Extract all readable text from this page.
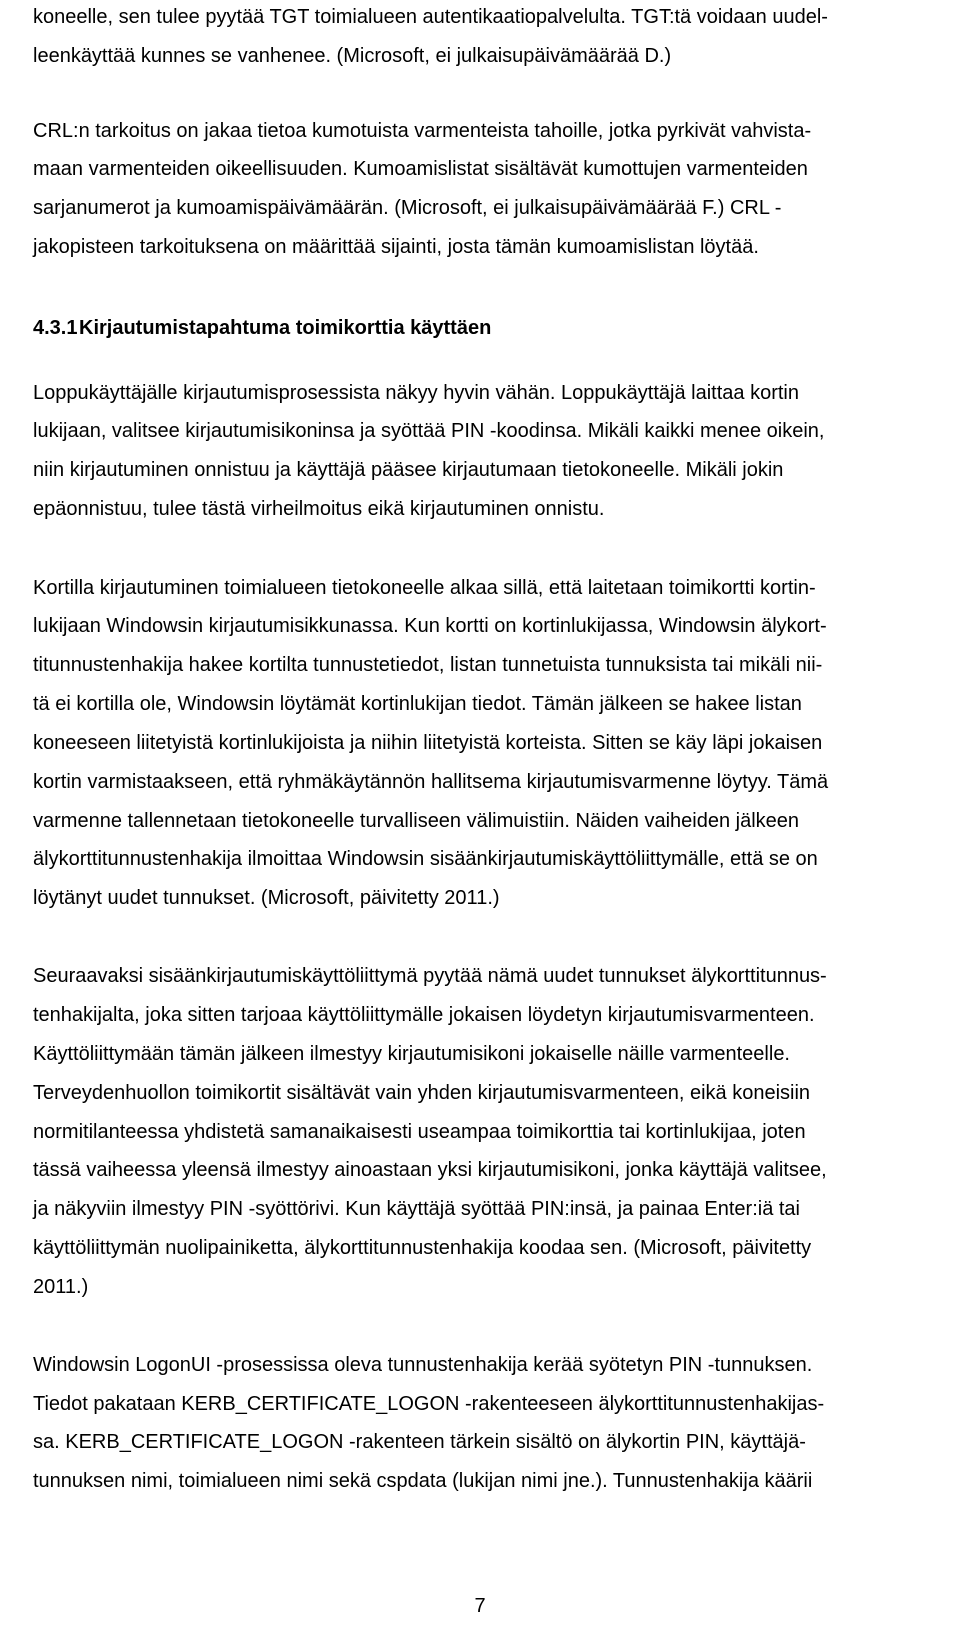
koneelle, sen tulee pyytää TGT toimialueen autentikaatiopalvelulta. TGT:tä voidaan uudel-
leenkäyttää kunnes se vanhenee. (Microsoft, ei julkaisupäivämäärää D.)
CRL:n tarkoitus on jakaa tietoa kumotuista varmenteista tahoille, jotka pyrkivät vahvista-
maan varmenteiden oikeellisuuden. Kumoamislistat sisältävät kumottujen varmenteiden
sarjanumerot ja kumoamispäivämäärän. (Microsoft, ei julkaisupäivämäärää F.) CRL -
jakopisteen tarkoituksena on määrittää sijainti, josta tämän kumoamislistan löytää.
4.3.1Kirjautumistapahtuma toimikorttia käyttäen
Loppukäyttäjälle kirjautumisprosessista näkyy hyvin vähän. Loppukäyttäjä laittaa kortin
lukijaan, valitsee kirjautumisikoninsa ja syöttää PIN -koodinsa. Mikäli kaikki menee oikein,
niin kirjautuminen onnistuu ja käyttäjä pääsee kirjautumaan tietokoneelle. Mikäli jokin
epäonnistuu, tulee tästä virheilmoitus eikä kirjautuminen onnistu.
Kortilla kirjautuminen toimialueen tietokoneelle alkaa sillä, että laitetaan toimikortti kortin-
lukijaan Windowsin kirjautumisikkunassa. Kun kortti on kortinlukijassa, Windowsin älykort-
titunnustenhakija hakee kortilta tunnustetiedot, listan tunnetuista tunnuksista tai mikäli nii-
tä ei kortilla ole, Windowsin löytämät kortinlukijan tiedot. Tämän jälkeen se hakee listan
koneeseen liitetyistä kortinlukijoista ja niihin liitetyistä korteista. Sitten se käy läpi jokaisen
kortin varmistaakseen, että ryhmäkäytännön hallitsema kirjautumisvarmenne löytyy. Tämä
varmenne tallennetaan tietokoneelle turvalliseen välimuistiin. Näiden vaiheiden jälkeen
älykorttitunnustenhakija ilmoittaa Windowsin sisäänkirjautumiskäyttöliittymälle, että se on
löytänyt uudet tunnukset. (Microsoft, päivitetty 2011.)
Seuraavaksi sisäänkirjautumiskäyttöliittymä pyytää nämä uudet tunnukset älykorttitunnus-
tenhakijalta, joka sitten tarjoaa käyttöliittymälle jokaisen löydetyn kirjautumisvarmenteen.
Käyttöliittymään tämän jälkeen ilmestyy kirjautumisikoni jokaiselle näille varmenteelle.
Terveydenhuollon toimikortit sisältävät vain yhden kirjautumisvarmenteen, eikä koneisiin
normitilanteessa yhdistetä samanaikaisesti useampaa toimikorttia tai kortinlukijaa, joten
tässä vaiheessa yleensä ilmestyy ainoastaan yksi kirjautumisikoni, jonka käyttäjä valitsee,
ja näkyviin ilmestyy PIN -syöttörivi. Kun käyttäjä syöttää PIN:insä, ja painaa Enter:iä tai
käyttöliittymän nuolipainiketta, älykorttitunnustenhakija koodaa sen. (Microsoft, päivitetty
2011.)
Windowsin LogonUI -prosessissa oleva tunnustenhakija kerää syötetyn PIN -tunnuksen.
Tiedot pakataan KERB_CERTIFICATE_LOGON -rakenteeseen älykorttitunnustenhakijas-
sa. KERB_CERTIFICATE_LOGON -rakenteen tärkein sisältö on älykortin PIN, käyttäjä-
tunnuksen nimi, toimialueen nimi sekä cspdata (lukijan nimi jne.). Tunnustenhakija käärii
7
